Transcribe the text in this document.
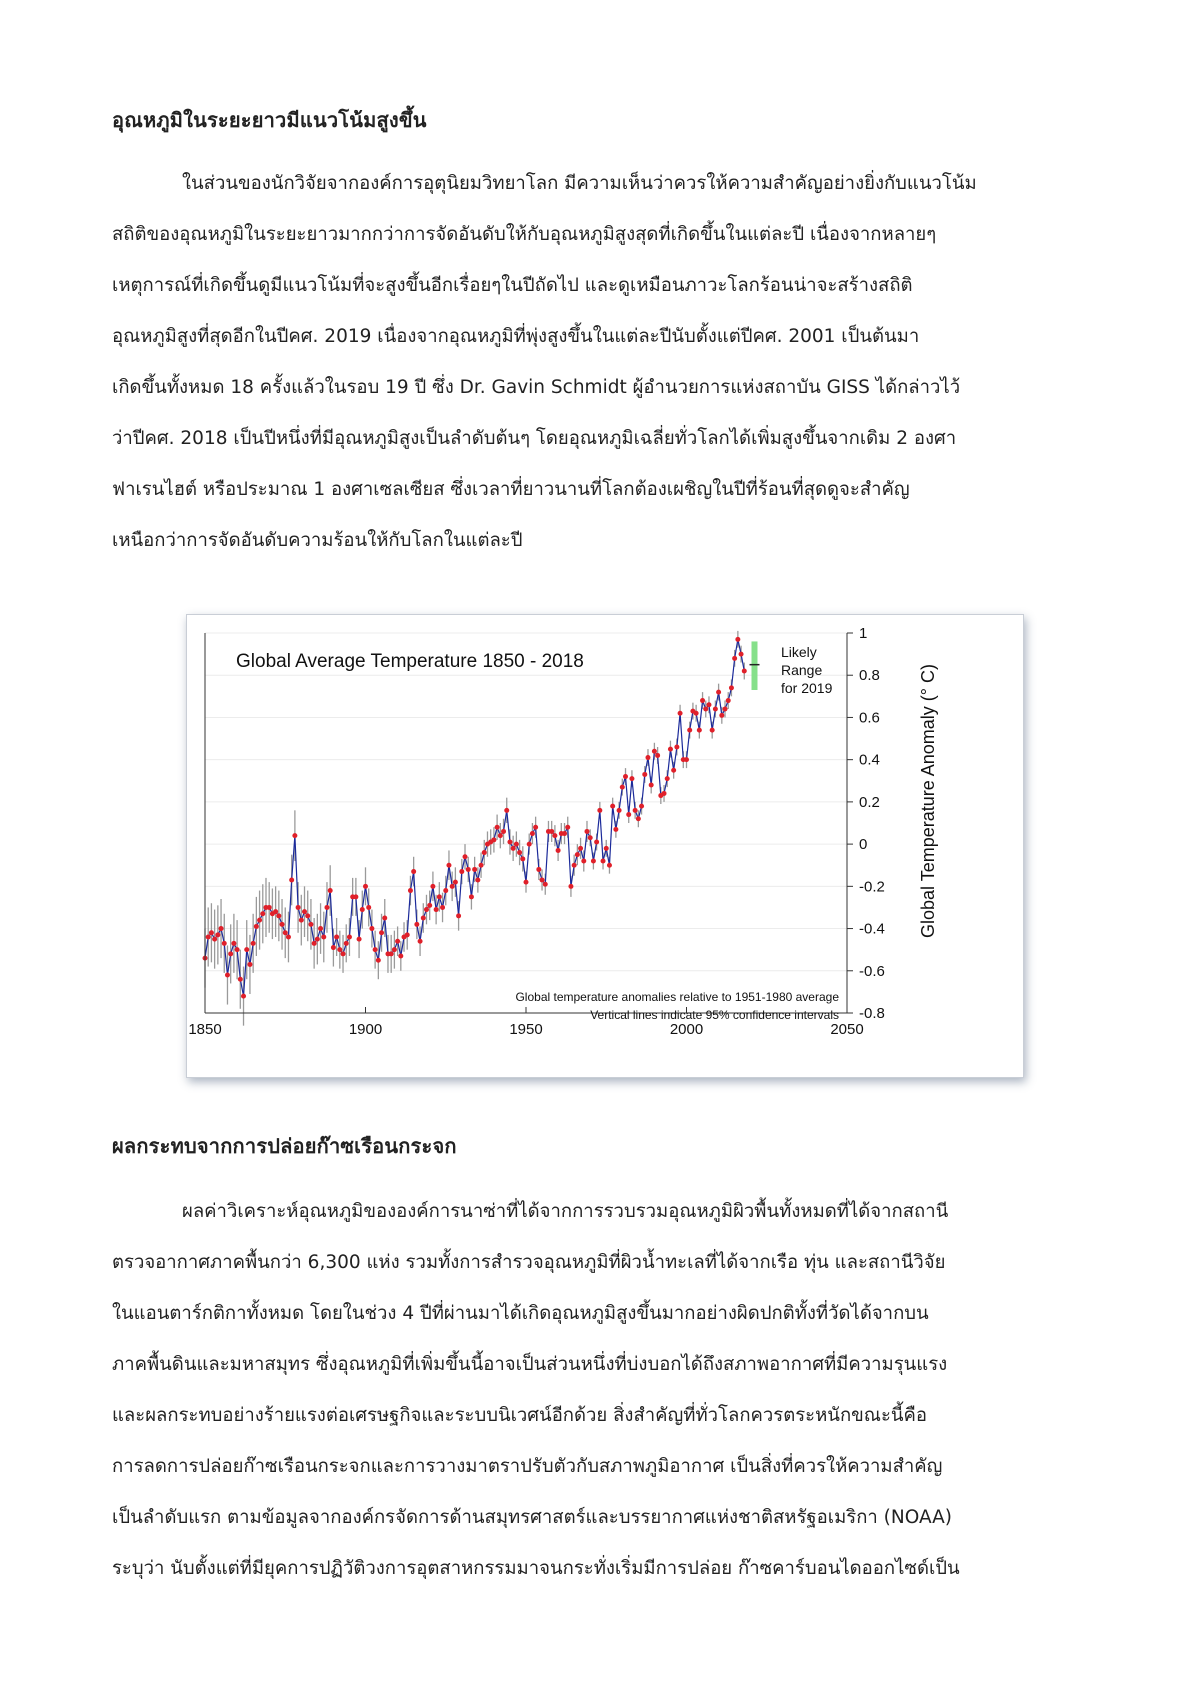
อุณหภูมิในระยะยาวมีแนวโน้มสูงขึ้น
ในส่วนของนักวิจัยจากองค์การอุตุนิยมวิทยาโลก มีความเห็นว่าควรให้ความสำคัญอย่างยิ่งกับแนวโน้ม
สถิติของอุณหภูมิในระยะยาวมากกว่าการจัดอันดับให้กับอุณหภูมิสูงสุดที่เกิดขึ้นในแต่ละปี เนื่องจากหลายๆ
เหตุการณ์ที่เกิดขึ้นดูมีแนวโน้มที่จะสูงขึ้นอีกเรื่อยๆในปีถัดไป และดูเหมือนภาวะโลกร้อนน่าจะสร้างสถิติ
อุณหภูมิสูงที่สุดอีกในปีคศ. 2019 เนื่องจากอุณหภูมิที่พุ่งสูงขึ้นในแต่ละปีนับตั้งแต่ปีคศ. 2001 เป็นต้นมา
เกิดขึ้นทั้งหมด 18 ครั้งแล้วในรอบ 19 ปี ซึ่ง Dr. Gavin Schmidt ผู้อำนวยการแห่งสถาบัน GISS ได้กล่าวไว้
ว่าปีคศ. 2018 เป็นปีหนึ่งที่มีอุณหภูมิสูงเป็นลำดับต้นๆ โดยอุณหภูมิเฉลี่ยทั่วโลกได้เพิ่มสูงขึ้นจากเดิม 2 องศา
ฟาเรนไฮต์ หรือประมาณ 1 องศาเซลเซียส ซึ่งเวลาที่ยาวนานที่โลกต้องเผชิญในปีที่ร้อนที่สุดดูจะสำคัญ
เหนือกว่าการจัดอันดับความร้อนให้กับโลกในแต่ละปี
1
0.8
0.6
0.4
0.2
0
-0.2
-0.4
-0.6
-0.8
1850	1900	1950	2000	2050
Global Average Temperature 1850 - 2018
Global temperature anomalies relative to 1951-1980 average
Vertical lines indicate 95% confidence intervals
Likely
Range
for 2019	Global Temperature Anomaly (° C)
ผลกระทบจากการปล่อยก๊าซเรือนกระจก
ผลค่าวิเคราะห์อุณหภูมิขององค์การนาซ่าที่ได้จากการรวบรวมอุณหภูมิผิวพื้นทั้งหมดที่ได้จากสถานี
ตรวจอากาศภาคพื้นกว่า 6,300 แห่ง รวมทั้งการสำรวจอุณหภูมิที่ผิวน้ำทะเลที่ได้จากเรือ ทุ่น และสถานีวิจัย
ในแอนตาร์กติกาทั้งหมด โดยในช่วง 4 ปีที่ผ่านมาได้เกิดอุณหภูมิสูงขึ้นมากอย่างผิดปกติทั้งที่วัดได้จากบน
ภาคพื้นดินและมหาสมุทร ซึ่งอุณหภูมิที่เพิ่มขึ้นนี้อาจเป็นส่วนหนึ่งที่บ่งบอกได้ถึงสภาพอากาศที่มีความรุนแรง
และผลกระทบอย่างร้ายแรงต่อเศรษฐกิจและระบบนิเวศน์อีกด้วย สิ่งสำคัญที่ทั่วโลกควรตระหนักขณะนี้คือ
การลดการปล่อยก๊าซเรือนกระจกและการวางมาตราปรับตัวกับสภาพภูมิอากาศ เป็นสิ่งที่ควรให้ความสำคัญ
เป็นลำดับแรก ตามข้อมูลจากองค์กรจัดการด้านสมุทรศาสตร์และบรรยากาศแห่งชาติสหรัฐอเมริกา (NOAA)
ระบุว่า นับตั้งแต่ที่มียุคการปฏิวัติวงการอุตสาหกรรมมาจนกระทั่งเริ่มมีการปล่อย ก๊าซคาร์บอนไดออกไซด์เป็น
